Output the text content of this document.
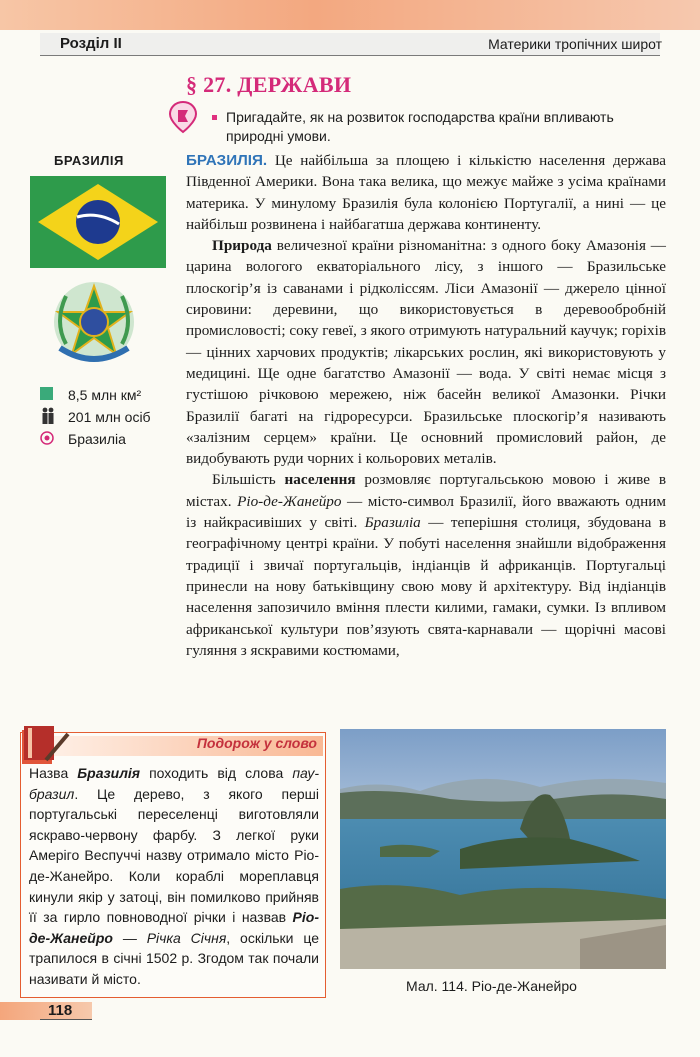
Розділ II	Материки тропічних широт
§ 27. ДЕРЖАВИ
Пригадайте, як на розвиток господарства країни впливають природні умови.
БРАЗИЛІЯ
8,5 млн км²
201 млн осіб
Бразиліа

БРАЗИЛІЯ. Це найбільша за площею і кількістю населення держава Південної Америки. Вона така велика, що межує майже з усіма країнами материка. У минулому Бразилія була колонією Португалії, а нині — це найбільш розвинена і найбагатша держава континенту.

Природа величезної країни різноманітна: з одного боку Амазонія — царина вологого екваторіального лісу, з іншого — Бразильське плоскогір’я із саванами і рідколіссям. Ліси Амазонії — джерело цінної сировини: деревини, що використовується в деревообробній промисловості; соку гевеї, з якого отримують натуральний каучук; горіхів — цінних харчових продуктів; лікарських рослин, які використовують у медицині. Ще одне багатство Амазонії — вода. У світі немає місця з густішою річковою мережею, ніж басейн великої Амазонки. Річки Бразилії багаті на гідроресурси. Бразильське плоскогір’я називають «залізним серцем» країни. Це основний промисловий район, де видобувають руди чорних і кольорових металів.

Більшість населення розмовляє португальською мовою і живе в містах. Ріо-де-Жанейро — місто-символ Бразилії, його вважають одним із найкрасивіших у світі. Бразиліа — теперішня столиця, збудована в географічному центрі країни. У побуті населення знайшли відображення традиції і звичаї португальців, індіанців й африканців. Португальці принесли на нову батьківщину свою мову й архітектуру. Від індіанців населення запозичило вміння плести килими, гамаки, сумки. Із впливом африканської культури пов’язують свята-карнавали — щорічні масові гуляння з яскравими костюмами,

Подорож у слово
Назва Бразилія походить від слова пау-бразил. Це дерево, з якого перші португальські переселенці виготовляли яскраво-червону фарбу. З легкої руки Амеріго Веспуччі назву отримало місто Ріо-де-Жанейро. Коли кораблі мореплавця кинули якір у затоці, він помилково прийняв її за гирло повноводної річки і назвав Ріо-де-Жанейро — Річка Січня, оскільки це трапилося в січні 1502 р. Згодом так почали називати й місто.	Мал. 114. Ріо-де-Жанейро
118
